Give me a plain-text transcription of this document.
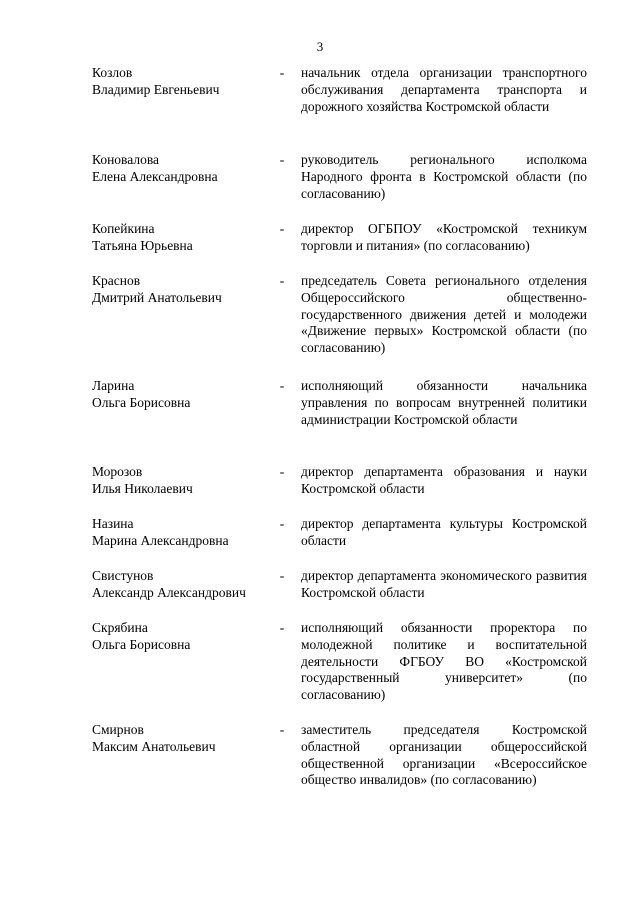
3
Козлов
Владимир Евгеньевич
- начальник отдела организации транспортного обслуживания департамента транспорта и дорожного хозяйства Костромской области
Коновалова
Елена Александровна
- руководитель регионального исполкома Народного фронта в Костромской области (по согласованию)
Копейкина
Татьяна Юрьевна
- директор ОГБПОУ «Костромской техникум торговли и питания» (по согласованию)
Краснов
Дмитрий Анатольевич
- председатель Совета регионального отделения Общероссийского общественно-государственного движения детей и молодежи «Движение первых» Костромской области (по согласованию)
Ларина
Ольга Борисовна
- исполняющий обязанности начальника управления по вопросам внутренней политики администрации Костромской области
Морозов
Илья Николаевич
- директор департамента образования и науки Костромской области
Назина
Марина Александровна
- директор департамента культуры Костромской области
Свистунов
Александр Александрович
- директор департамента экономического развития Костромской области
Скрябина
Ольга Борисовна
- исполняющий обязанности проректора по молодежной политике и воспитательной деятельности ФГБОУ ВО «Костромской государственный университет» (по согласованию)
Смирнов
Максим Анатольевич
- заместитель председателя Костромской областной организации общероссийской общественной организации «Всероссийское общество инвалидов» (по согласованию)
